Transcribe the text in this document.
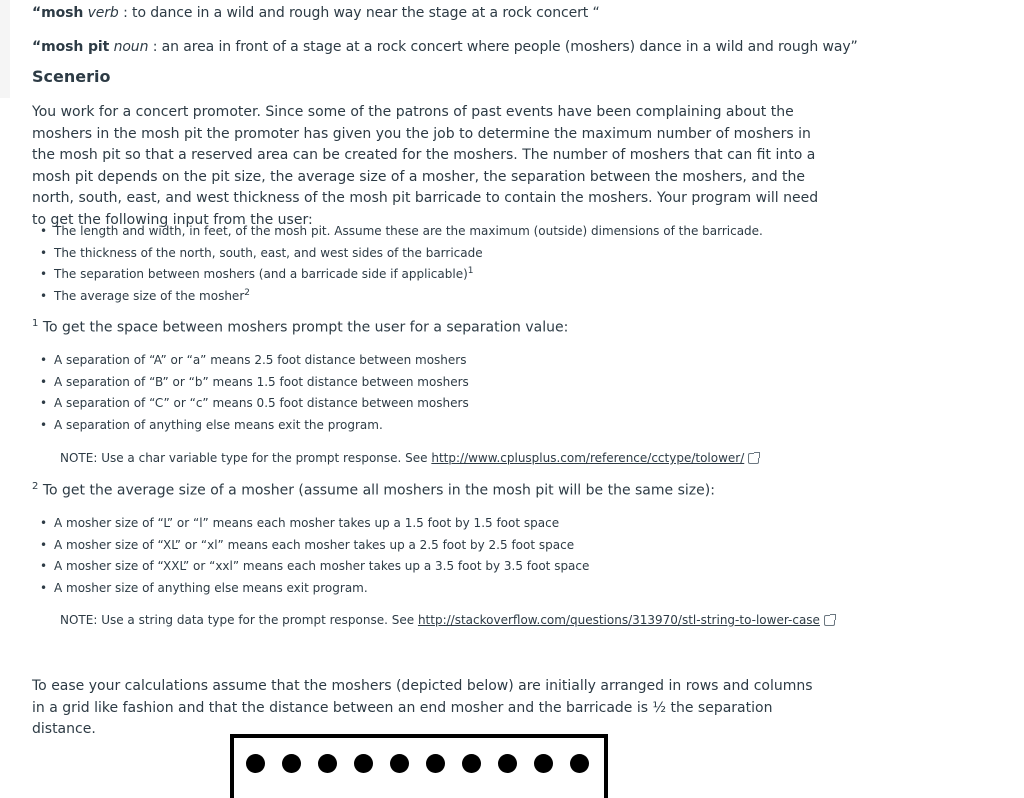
“mosh verb : to dance in a wild and rough way near the stage at a rock concert “

“mosh pit noun : an area in front of a stage at a rock concert where people (moshers) dance in a wild and rough way”

Scenerio

You work for a concert promoter. Since some of the patrons of past events have been complaining about the moshers in the mosh pit the promoter has given you the job to determine the maximum number of moshers in the mosh pit so that a reserved area can be created for the moshers. The number of moshers that can fit into a mosh pit depends on the pit size, the average size of a mosher, the separation between the moshers, and the north, south, east, and west thickness of the mosh pit barricade to contain the moshers. Your program will need to get the following input from the user:

• The length and width, in feet, of the mosh pit. Assume these are the maximum (outside) dimensions of the barricade.
• The thickness of the north, south, east, and west sides of the barricade
• The separation between moshers (and a barricade side if applicable)$^1$
• The average size of the mosher$^2$
$^1$ To get the space between moshers prompt the user for a separation value:
• A separation of “A” or “a” means 2.5 foot distance between moshers
• A separation of “B” or “b” means 1.5 foot distance between moshers
• A separation of “C” or “c” means 0.5 foot distance between moshers
• A separation of anything else means exit the program.
NOTE: Use a char variable type for the prompt response. See http://www.cplusplus.com/reference/cctype/tolower/
$^2$ To get the average size of a mosher (assume all moshers in the mosh pit will be the same size):
• A mosher size of “L” or “l” means each mosher takes up a 1.5 foot by 1.5 foot space
• A mosher size of “XL” or “xl” means each mosher takes up a 2.5 foot by 2.5 foot space
• A mosher size of “XXL” or “xxl” means each mosher takes up a 3.5 foot by 3.5 foot space
• A mosher size of anything else means exit program.
NOTE: Use a string data type for the prompt response. See http://stackoverflow.com/questions/313970/stl-string-to-lower-case

To ease your calculations assume that the moshers (depicted below) are initially arranged in rows and columns in a grid like fashion and that the distance between an end mosher and the barricade is ½ the separation distance.
